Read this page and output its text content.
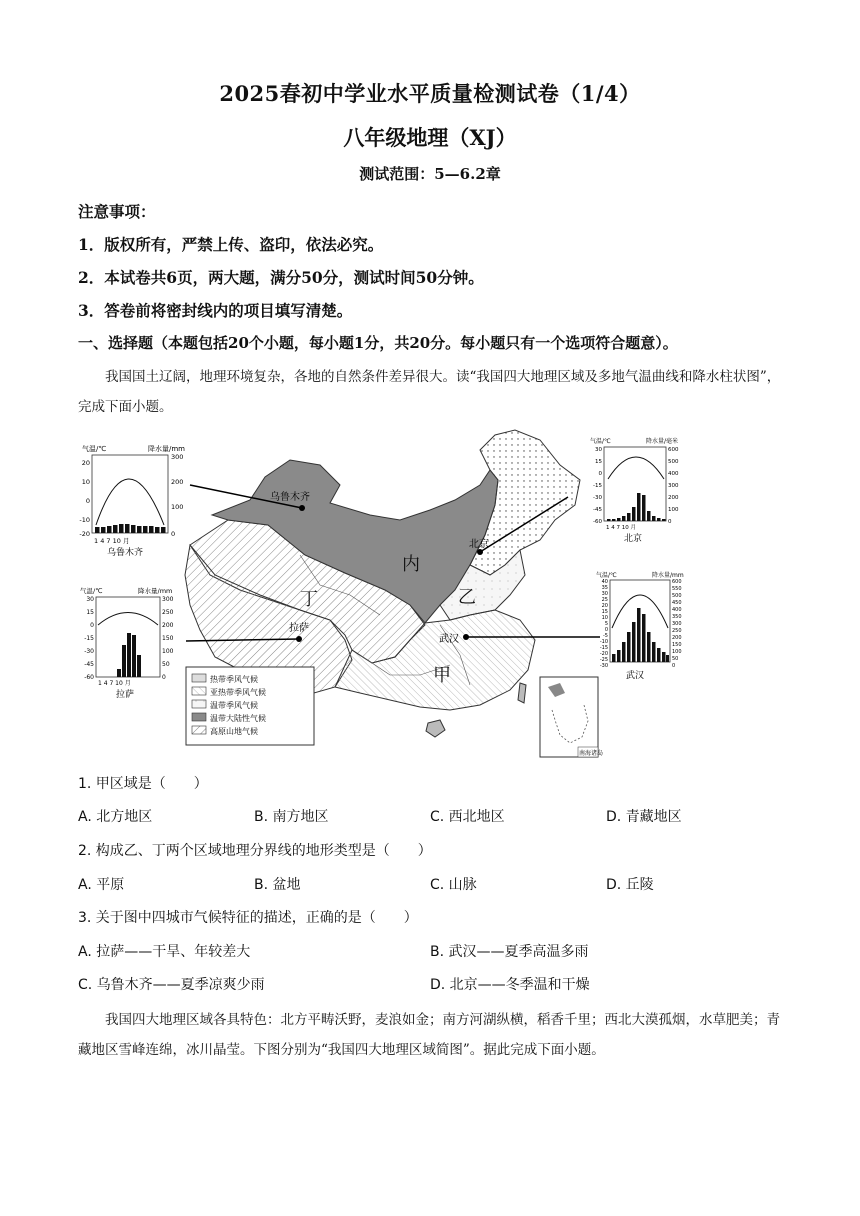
2025春初中学业水平质量检测试卷（1/4）
八年级地理（XJ）
测试范围：5—6.2章
注意事项：
1．版权所有，严禁上传、盗印，依法必究。
2．本试卷共6页，两大题，满分50分，测试时间50分钟。
3．答卷前将密封线内的项目填写清楚。
一、选择题（本题包括20个小题，每小题1分，共20分。每小题只有一个选项符合题意）。
我国国土辽阔，地理环境复杂，各地的自然条件差异很大。读“我国四大地理区域及多地气温曲线和降水柱状图”，完成下面小题。
内
乙
丁
甲
乌鲁木齐
北京
拉萨
武汉
热带季风气候
亚热带季风气候
温带季风气候
温带大陆性气候
高原山地气候
南海诸岛
气温/℃	降水量/mm
20
10
0
-10
-20
300
200
100
0
1 4 7 10 月
乌鲁木齐
气温/℃	降水量/毫米
30
15
0
-15
-30
-45
-60
600
500
400
300
200
100
0
1 4 7 10 月
北京
气温/℃	降水量/mm
30
15
0
-15
-30
-45
-60
300
250
200
150
100
50
0
1 4 7 10 月
拉萨
气温/℃	降水量/mm
40
35
30
25
20
15
10
5
0
-5
-10
-15
-20
-25
-30
600
550
500
450
400
350
300
250
200
150
100
50
0
武汉
1. 甲区域是（　　）
A. 北方地区	B. 南方地区	C. 西北地区	D. 青藏地区
2. 构成乙、丁两个区域地理分界线的地形类型是（　　）
A. 平原	B. 盆地	C. 山脉	D. 丘陵
3. 关于图中四城市气候特征的描述，正确的是（　　）
A. 拉萨——干旱、年较差大	B. 武汉——夏季高温多雨
C. 乌鲁木齐——夏季凉爽少雨	D. 北京——冬季温和干燥
我国四大地理区域各具特色：北方平畴沃野，麦浪如金；南方河湖纵横，稻香千里；西北大漠孤烟，水草肥美；青藏地区雪峰连绵，冰川晶莹。下图分别为“我国四大地理区域简图”。据此完成下面小题。
